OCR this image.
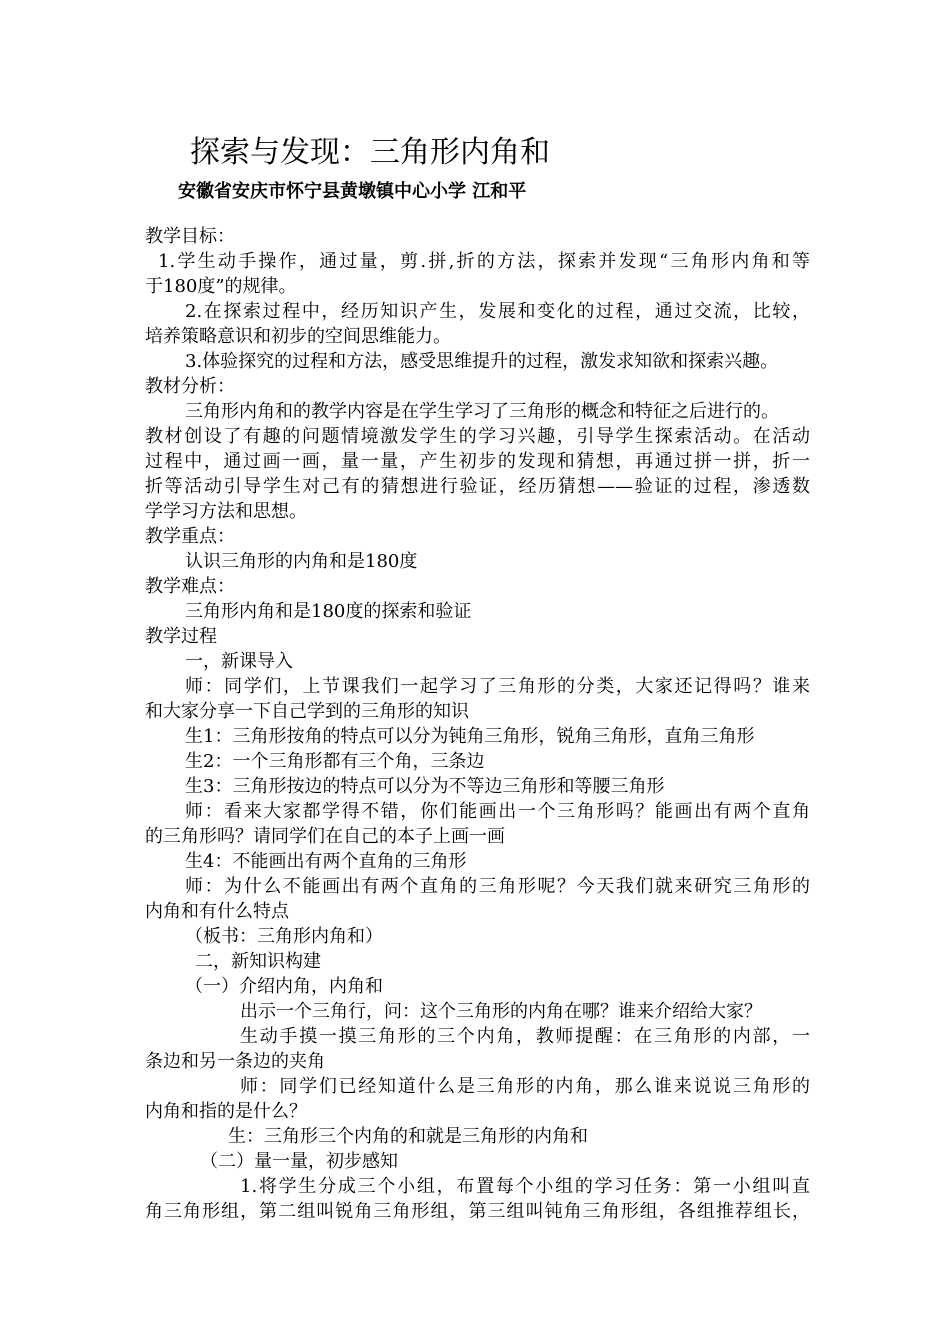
探索与发现：三角形内角和
安徽省安庆市怀宁县黄墩镇中心小学 江和平
教学目标：
1.学生动手操作，通过量，剪.拼,折的方法，探索并发现“三角形内角和等
于180度”的规律。
2.在探索过程中，经历知识产生，发展和变化的过程，通过交流，比较，
培养策略意识和初步的空间思维能力。
3.体验探究的过程和方法，感受思维提升的过程，激发求知欲和探索兴趣。
教材分析：
三角形内角和的教学内容是在学生学习了三角形的概念和特征之后进行的。
教材创设了有趣的问题情境激发学生的学习兴趣，引导学生探索活动。在活动
过程中，通过画一画，量一量，产生初步的发现和猜想，再通过拼一拼，折一
折等活动引导学生对己有的猜想进行验证，经历猜想——验证的过程，渗透数
学学习方法和思想。
教学重点：
认识三角形的内角和是180度
教学难点：
三角形内角和是180度的探索和验证
教学过程
一，新课导入
师：同学们，上节课我们一起学习了三角形的分类，大家还记得吗？谁来
和大家分享一下自己学到的三角形的知识
生1：三角形按角的特点可以分为钝角三角形，锐角三角形，直角三角形
生2：一个三角形都有三个角，三条边
生3：三角形按边的特点可以分为不等边三角形和等腰三角形
师：看来大家都学得不错，你们能画出一个三角形吗？能画出有两个直角
的三角形吗？请同学们在自己的本子上画一画
生4：不能画出有两个直角的三角形
师：为什么不能画出有两个直角的三角形呢？今天我们就来研究三角形的
内角和有什么特点
（板书：三角形内角和）
二，新知识构建
（一）介绍内角，内角和
出示一个三角行，问：这个三角形的内角在哪？谁来介绍给大家？
生动手摸一摸三角形的三个内角，教师提醒：在三角形的内部，一
条边和另一条边的夹角
师：同学们已经知道什么是三角形的内角，那么谁来说说三角形的
内角和指的是什么？
生：三角形三个内角的和就是三角形的内角和
（二）量一量，初步感知
1.将学生分成三个小组，布置每个小组的学习任务：第一小组叫直
角三角形组，第二组叫锐角三角形组，第三组叫钝角三角形组，各组推荐组长，
